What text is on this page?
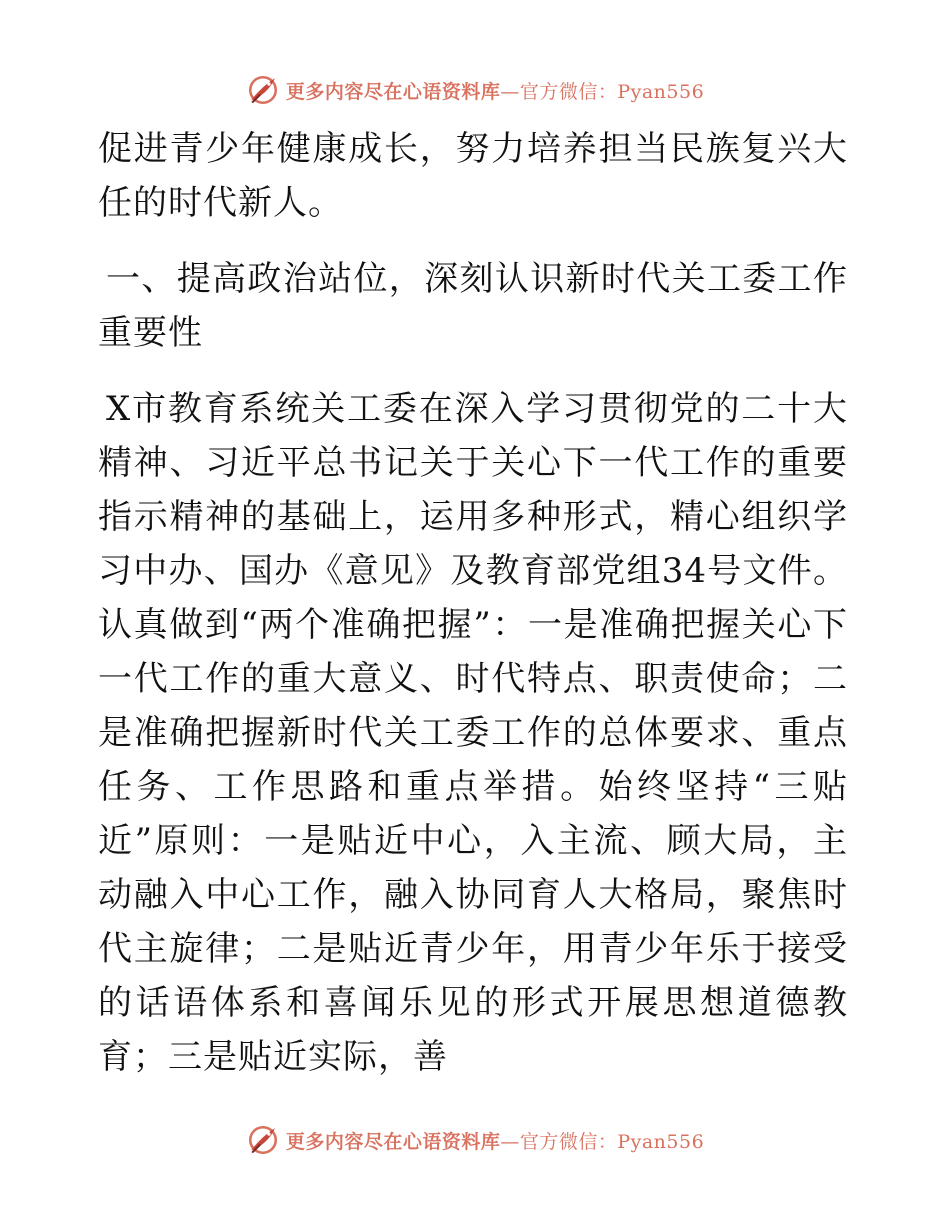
更多内容尽在心语资料库—官方微信：Pyan556

促进青少年健康成长，努力培养担当民族复兴大任的时代新人。

一、提高政治站位，深刻认识新时代关工委工作重要性

X市教育系统关工委在深入学习贯彻党的二十大精神、习近平总书记关于关心下一代工作的重要指示精神的基础上，运用多种形式，精心组织学习中办、国办《意见》及教育部党组34号文件。认真做到“两个准确把握”：一是准确把握关心下一代工作的重大意义、时代特点、职责使命；二是准确把握新时代关工委工作的总体要求、重点任务、工作思路和重点举措。始终坚持“三贴近”原则：一是贴近中心，入主流、顾大局，主动融入中心工作，融入协同育人大格局，聚焦时代主旋律；二是贴近青少年，用青少年乐于接受的话语体系和喜闻乐见的形式开展思想道德教育；三是贴近实际，善

更多内容尽在心语资料库—官方微信：Pyan556
